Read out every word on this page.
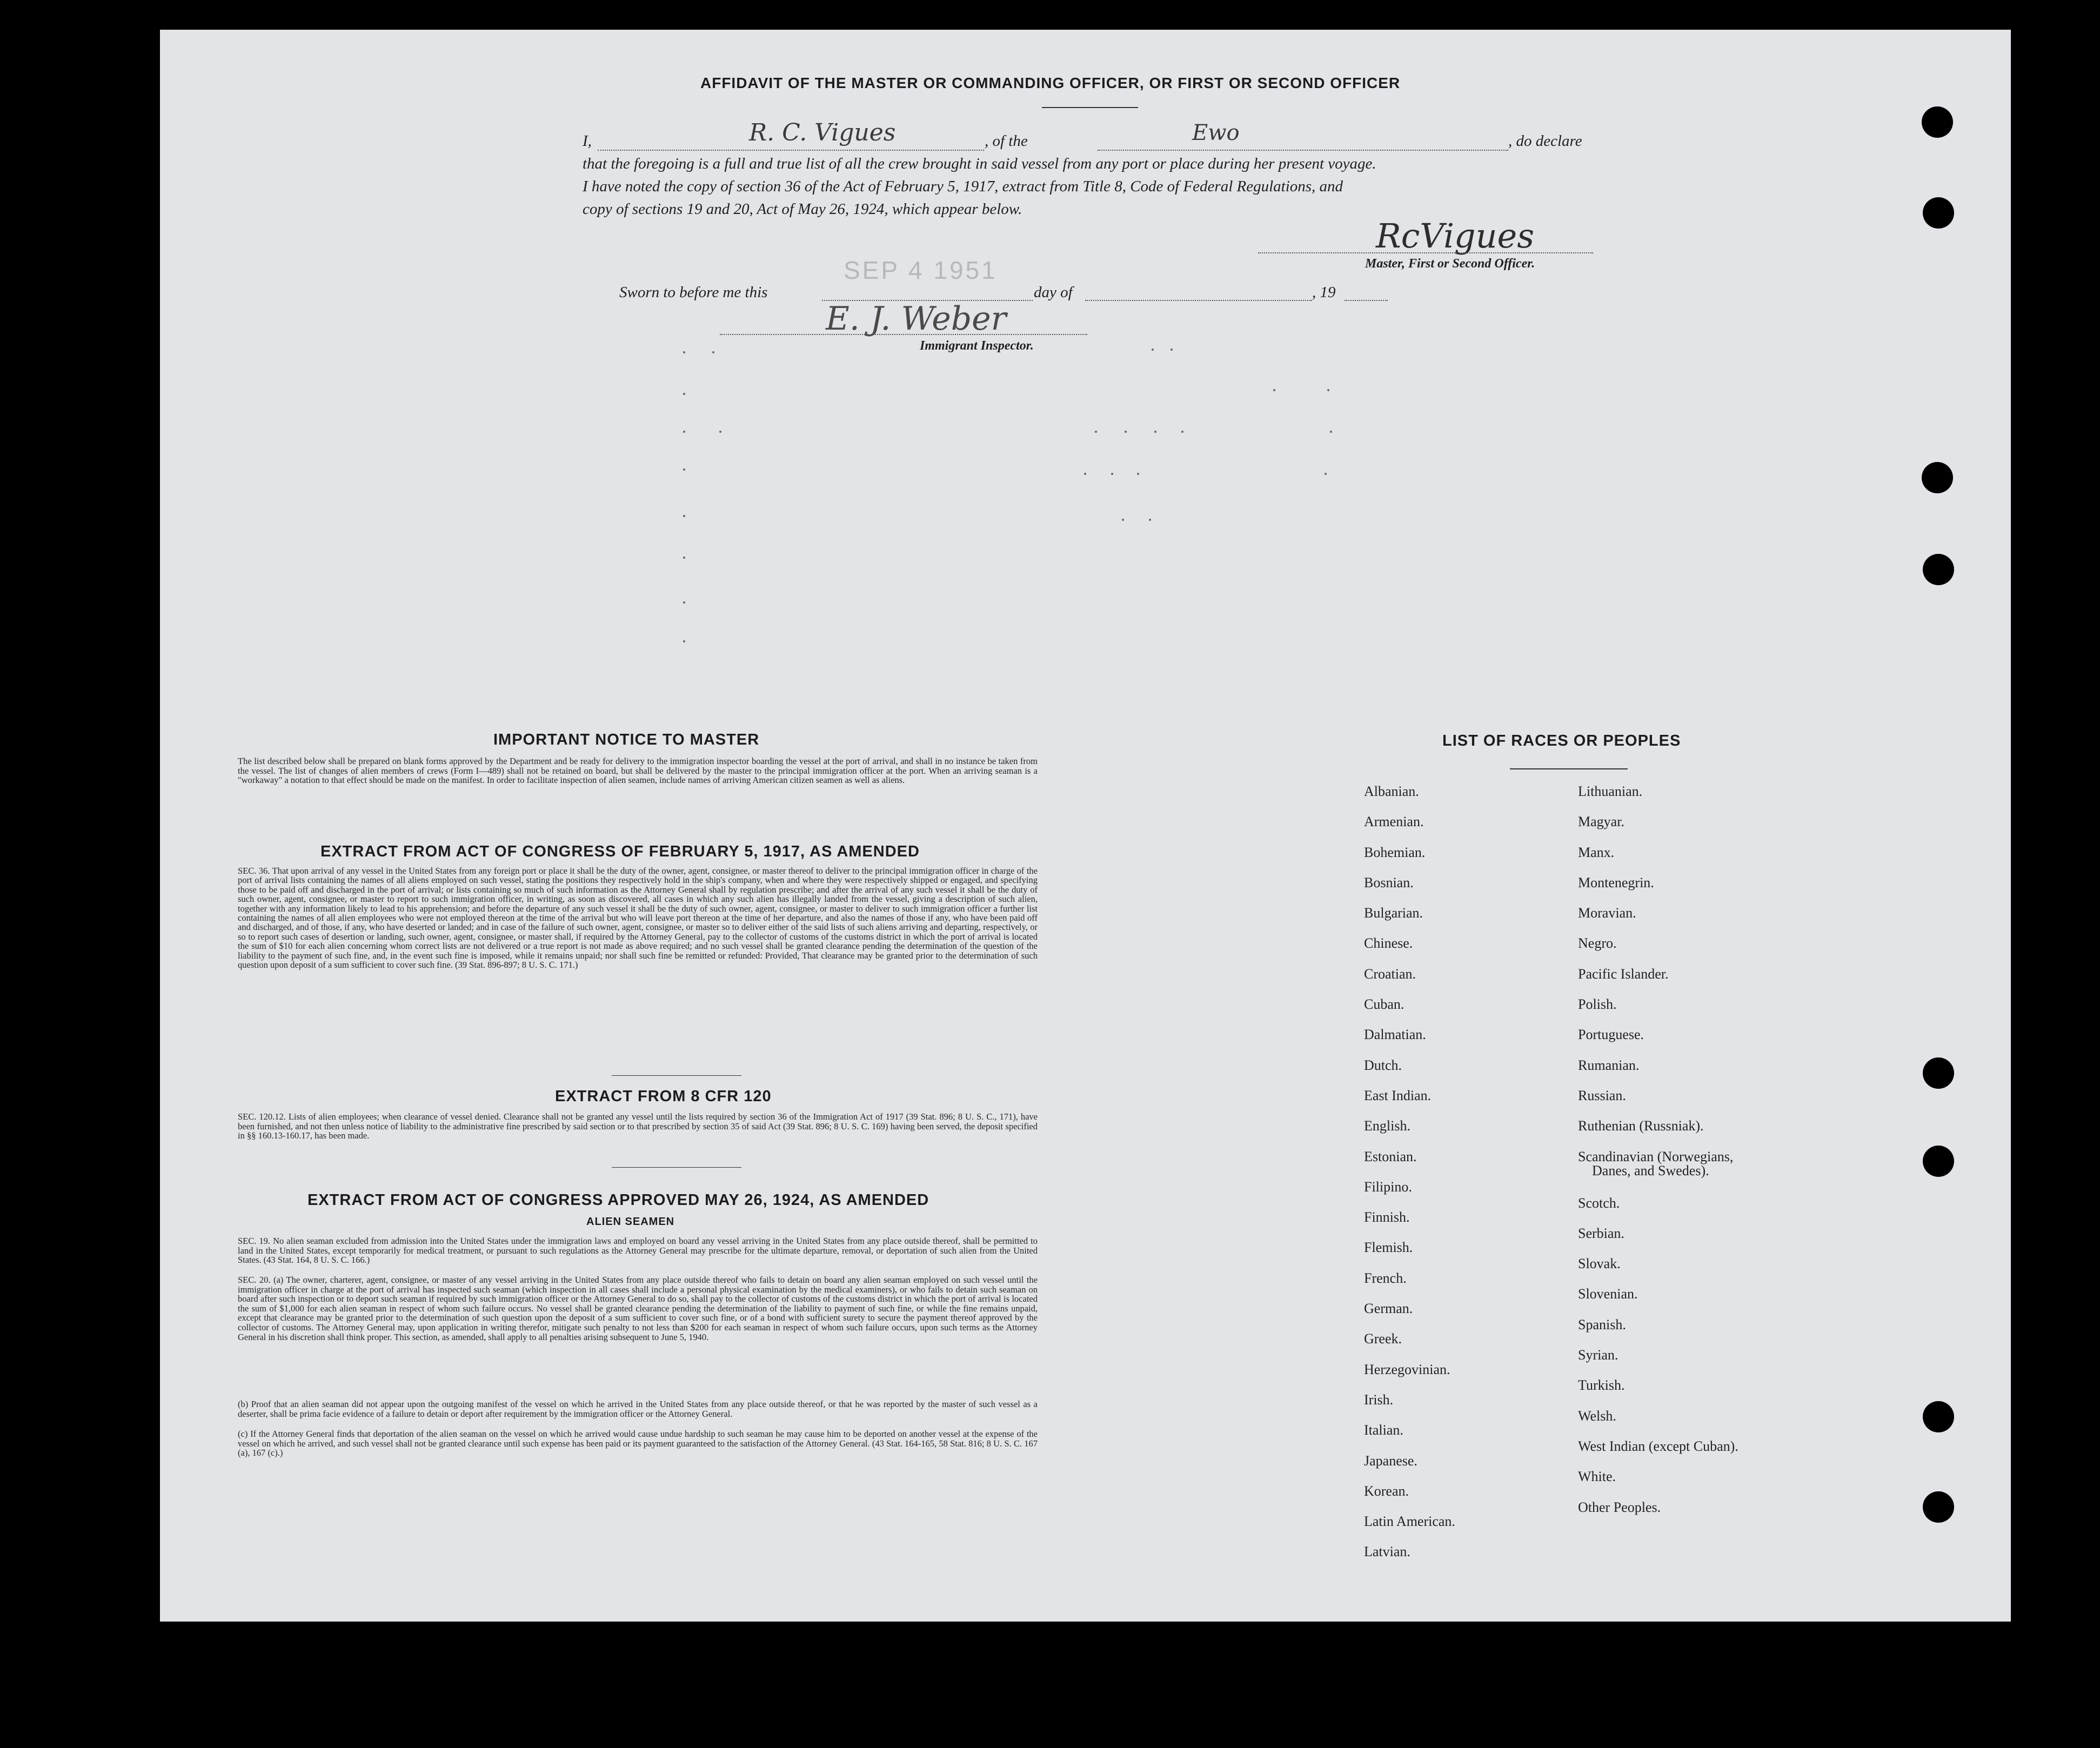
AFFIDAVIT OF THE MASTER OR COMMANDING OFFICER, OR FIRST OR SECOND OFFICER
I,	R. C. Vigues	, of the	Ewo	, do declare
that the foregoing is a full and true list of all the crew brought in said vessel from any port or place during her present voyage.
I have noted the copy of section 36 of the Act of February 5, 1917, extract from Title 8, Code of Federal Regulations, and
copy of sections 19 and 20, Act of May 26, 1924, which appear below.
RcVigues
Master, First or Second Officer.
Sworn to before me this
SEP 4 1951
day of	, 19
E. J. Weber
Immigrant Inspector.
IMPORTANT NOTICE TO MASTER
The list described below shall be prepared on blank forms approved by the Department and be ready for delivery to the immigration inspector boarding the vessel at the port of arrival, and shall in no instance be taken from the vessel. The list of changes of alien members of crews (Form I—489) shall not be retained on board, but shall be delivered by the master to the principal immigration officer at the port. When an arriving seaman is a "workaway" a notation to that effect should be made on the manifest. In order to facilitate inspection of alien seamen, include names of arriving American citizen seamen as well as aliens.
EXTRACT FROM ACT OF CONGRESS OF FEBRUARY 5, 1917, AS AMENDED
SEC. 36. That upon arrival of any vessel in the United States from any foreign port or place it shall be the duty of the owner, agent, consignee, or master thereof to deliver to the principal immigration officer in charge of the port of arrival lists containing the names of all aliens employed on such vessel, stating the positions they respectively hold in the ship's company, when and where they were respectively shipped or engaged, and specifying those to be paid off and discharged in the port of arrival; or lists containing so much of such information as the Attorney General shall by regulation prescribe; and after the arrival of any such vessel it shall be the duty of such owner, agent, consignee, or master to report to such immigration officer, in writing, as soon as discovered, all cases in which any such alien has illegally landed from the vessel, giving a description of such alien, together with any information likely to lead to his apprehension; and before the departure of any such vessel it shall be the duty of such owner, agent, consignee, or master to deliver to such immigration officer a further list containing the names of all alien employees who were not employed thereon at the time of the arrival but who will leave port thereon at the time of her departure, and also the names of those if any, who have been paid off and discharged, and of those, if any, who have deserted or landed; and in case of the failure of such owner, agent, consignee, or master so to deliver either of the said lists of such aliens arriving and departing, respectively, or so to report such cases of desertion or landing, such owner, agent, consignee, or master shall, if required by the Attorney General, pay to the collector of customs of the customs district in which the port of arrival is located the sum of $10 for each alien concerning whom correct lists are not delivered or a true report is not made as above required; and no such vessel shall be granted clearance pending the determination of the question of the liability to the payment of such fine, and, in the event such fine is imposed, while it remains unpaid; nor shall such fine be remitted or refunded: Provided, That clearance may be granted prior to the determination of such question upon deposit of a sum sufficient to cover such fine. (39 Stat. 896-897; 8 U. S. C. 171.)
EXTRACT FROM 8 CFR 120
SEC. 120.12. Lists of alien employees; when clearance of vessel denied. Clearance shall not be granted any vessel until the lists required by section 36 of the Immigration Act of 1917 (39 Stat. 896; 8 U. S. C., 171), have been furnished, and not then unless notice of liability to the administrative fine prescribed by said section or to that prescribed by section 35 of said Act (39 Stat. 896; 8 U. S. C. 169) having been served, the deposit specified in §§ 160.13-160.17, has been made.
EXTRACT FROM ACT OF CONGRESS APPROVED MAY 26, 1924, AS AMENDED
ALIEN SEAMEN
SEC. 19. No alien seaman excluded from admission into the United States under the immigration laws and employed on board any vessel arriving in the United States from any place outside thereof, shall be permitted to land in the United States, except temporarily for medical treatment, or pursuant to such regulations as the Attorney General may prescribe for the ultimate departure, removal, or deportation of such alien from the United States. (43 Stat. 164, 8 U. S. C. 166.)
SEC. 20. (a) The owner, charterer, agent, consignee, or master of any vessel arriving in the United States from any place outside thereof who fails to detain on board any alien seaman employed on such vessel until the immigration officer in charge at the port of arrival has inspected such seaman (which inspection in all cases shall include a personal physical examination by the medical examiners), or who fails to detain such seaman on board after such inspection or to deport such seaman if required by such immigration officer or the Attorney General to do so, shall pay to the collector of customs of the customs district in which the port of arrival is located the sum of $1,000 for each alien seaman in respect of whom such failure occurs. No vessel shall be granted clearance pending the determination of the liability to payment of such fine, or while the fine remains unpaid, except that clearance may be granted prior to the determination of such question upon the deposit of a sum sufficient to cover such fine, or of a bond with sufficient surety to secure the payment thereof approved by the collector of customs. The Attorney General may, upon application in writing therefor, mitigate such penalty to not less than $200 for each seaman in respect of whom such failure occurs, upon such terms as the Attorney General in his discretion shall think proper. This section, as amended, shall apply to all penalties arising subsequent to June 5, 1940.
(b) Proof that an alien seaman did not appear upon the outgoing manifest of the vessel on which he arrived in the United States from any place outside thereof, or that he was reported by the master of such vessel as a deserter, shall be prima facie evidence of a failure to detain or deport after requirement by the immigration officer or the Attorney General.
(c) If the Attorney General finds that deportation of the alien seaman on the vessel on which he arrived would cause undue hardship to such seaman he may cause him to be deported on another vessel at the expense of the vessel on which he arrived, and such vessel shall not be granted clearance until such expense has been paid or its payment guaranteed to the satisfaction of the Attorney General. (43 Stat. 164-165, 58 Stat. 816; 8 U. S. C. 167 (a), 167 (c).)
LIST OF RACES OR PEOPLES
Albanian.
Armenian.
Bohemian.
Bosnian.
Bulgarian.
Chinese.
Croatian.
Cuban.
Dalmatian.
Dutch.
East Indian.
English.
Estonian.
Filipino.
Finnish.
Flemish.
French.
German.
Greek.
Herzegovinian.
Irish.
Italian.
Japanese.
Korean.
Latin American.
Latvian.
Lithuanian.
Magyar.
Manx.
Montenegrin.
Moravian.
Negro.
Pacific Islander.
Polish.
Portuguese.
Rumanian.
Russian.
Ruthenian (Russniak).
Scandinavian (Norwegians,
Danes, and Swedes).
Scotch.
Serbian.
Slovak.
Slovenian.
Spanish.
Syrian.
Turkish.
Welsh.
West Indian (except Cuban).
White.
Other Peoples.
